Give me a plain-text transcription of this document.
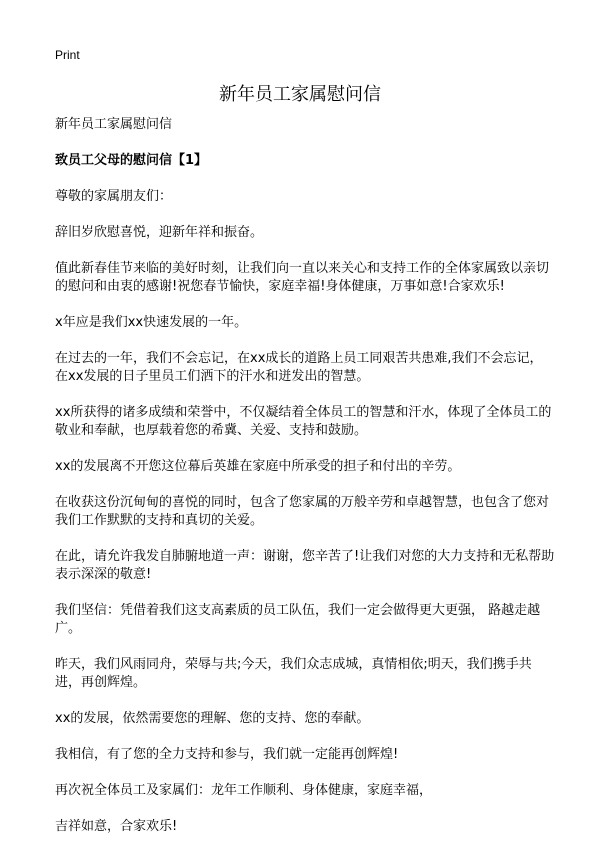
Print
新年员工家属慰问信

新年员工家属慰问信

致员工父母的慰问信【1】

尊敬的家属朋友们：

辞旧岁欣慰喜悦，迎新年祥和振奋。

值此新春佳节来临的美好时刻，让我们向一直以来关心和支持工作的全体家属致以亲切的慰问和由衷的感谢!祝您春节愉快，家庭幸福!身体健康，万事如意!合家欢乐!

x年应是我们xx快速发展的一年。

在过去的一年，我们不会忘记，在xx成长的道路上员工同艰苦共患难,我们不会忘记，在xx发展的日子里员工们洒下的汗水和迸发出的智慧。

xx所获得的诸多成绩和荣誉中，不仅凝结着全体员工的智慧和汗水，体现了全体员工的敬业和奉献，也厚载着您的希冀、关爱、支持和鼓励。

xx的发展离不开您这位幕后英雄在家庭中所承受的担子和付出的辛劳。

在收获这份沉甸甸的喜悦的同时，包含了您家属的万般辛劳和卓越智慧，也包含了您对我们工作默默的支持和真切的关爱。

在此，请允许我发自肺腑地道一声：谢谢，您辛苦了!让我们对您的大力支持和无私帮助表示深深的敬意!

我们坚信：凭借着我们这支高素质的员工队伍，我们一定会做得更大更强， 路越走越广。

昨天，我们风雨同舟，荣辱与共;今天，我们众志成城，真情相依;明天，我们携手共进，再创辉煌。

xx的发展，依然需要您的理解、您的支持、您的奉献。

我相信，有了您的全力支持和参与，我们就一定能再创辉煌!

再次祝全体员工及家属们：龙年工作顺利、身体健康，家庭幸福，

吉祥如意，合家欢乐!
